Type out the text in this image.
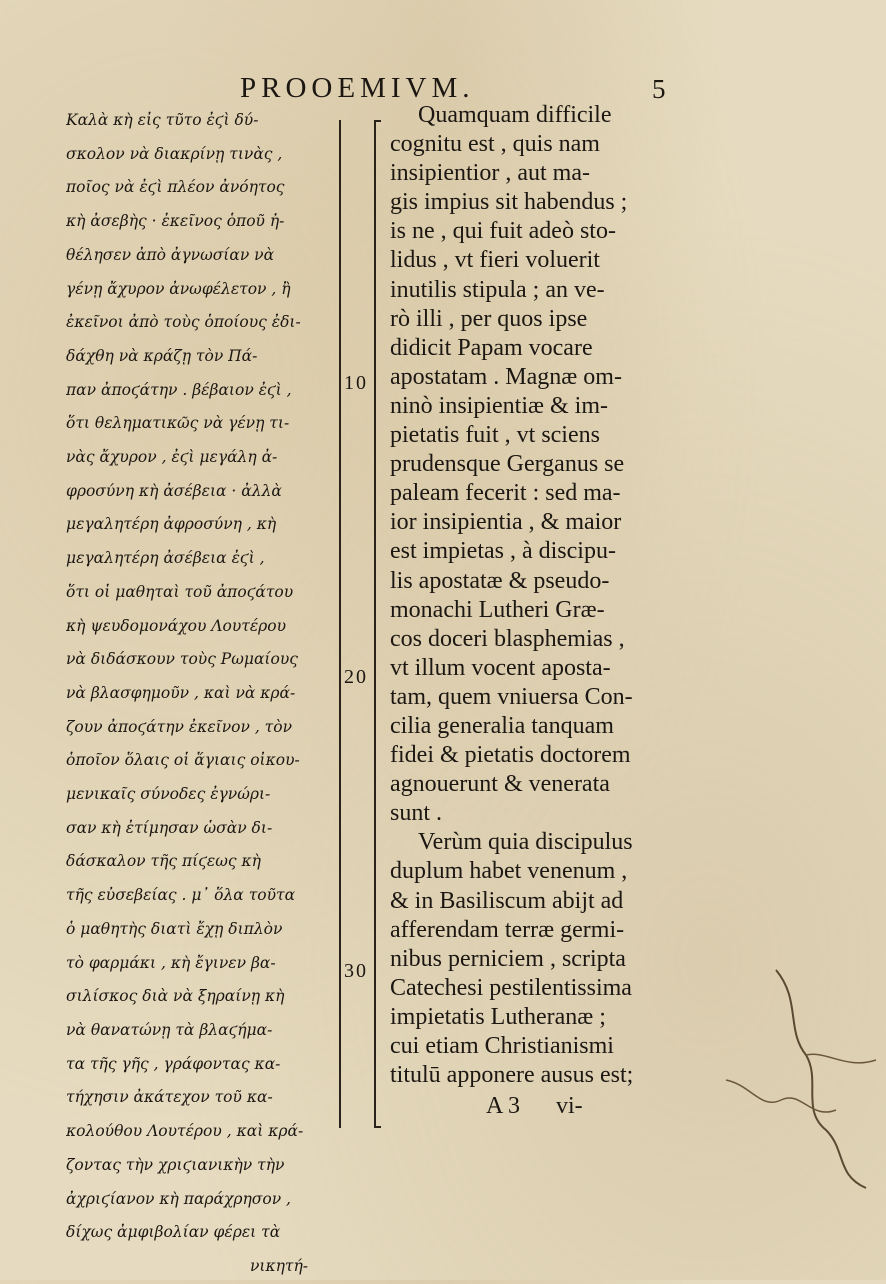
PROOEMIVM.	5
Καλὰ κὴ εἰς τῦτο ἐϛὶ δύ-
σκολον νὰ διακρίνῃ τινὰς ,
ποῖος νὰ ἐϛὶ πλέον ἀνόητος
κὴ ἀσεβὴς · ἐκεῖνος ὁποῦ ἠ-
θέλησεν ἀπὸ ἀγνωσίαν νὰ
γένῃ ἄχυρον ἀνωφέλετον , ἢ
ἐκεῖνοι ἀπὸ τοὺς ὁποίους ἐδι-
δάχθη νὰ κράζῃ τὸν Πά-
παν ἀποϛάτην . βέβαιον ἐϛὶ ,
ὅτι θεληματικῶς νὰ γένῃ τι-
νὰς ἄχυρον , ἐϛὶ μεγάλη ἀ-
φροσύνη κὴ ἀσέβεια · ἀλλὰ
μεγαλητέρη ἀφροσύνη , κὴ
μεγαλητέρη ἀσέβεια ἐϛὶ ,
ὅτι οἱ μαθηταὶ τοῦ ἀποϛάτου
κὴ ψευδομονάχου Λουτέρου
νὰ διδάσκουν τοὺς Ρωμαίους
νὰ βλασφημοῦν , καὶ νὰ κρά-
ζουν ἀποϛάτην ἐκεῖνον , τὸν
ὁποῖον ὅλαις οἱ ἅγιαις οἰκου-
μενικαῖς σύνοδες ἐγνώρι-
σαν κὴ ἐτίμησαν ὡσὰν δι-
δάσκαλον τῆς πίϛεως κὴ
τῆς εὐσεβείας . μ᾽ ὅλα τοῦτα
ὁ μαθητὴς διατὶ ἔχῃ διπλὸν
τὸ φαρμάκι , κὴ ἔγινεν βα-
σιλίσκος διὰ νὰ ξηραίνῃ κὴ
νὰ θανατώνῃ τὰ βλαϛήμα-
τα τῆς γῆς , γράφοντας κα-
τήχησιν ἀκάτεχον τοῦ κα-
κολούθου Λουτέρου , καὶ κρά-
ζοντας τὴν χριϛιανικὴν τὴν
ἀχριϛίανον κὴ παράχρησον ,
δίχως ἀμφιβολίαν φέρει τὰ
νικητή-
10
20
30
Quamquam difficile
cognitu est , quis nam
insipientior , aut ma-
gis impius sit habendus ;
is ne , qui fuit adeò sto-
lidus , vt fieri voluerit
inutilis stipula ; an ve-
rò illi , per quos ipse
didicit Papam vocare
apostatam . Magnæ om-
ninò insipientiæ & im-
pietatis fuit , vt sciens
prudensque Gerganus se
paleam fecerit : sed ma-
ior insipientia , & maior
est impietas , à discipu-
lis apostatæ & pseudo-
monachi Lutheri Græ-
cos doceri blasphemias ,
vt illum vocent aposta-
tam, quem vniuersa Con-
cilia generalia tanquam
fidei & pietatis doctorem
agnouerunt & venerata
sunt .
Verùm quia discipulus
duplum habet venenum ,
& in Basiliscum abijt ad
afferendam terræ germi-
nibus perniciem , scripta
Catechesi pestilentissima
impietatis Lutheranæ ;
cui etiam Christianismi
titulū apponere ausus est;
A 3 vi-
